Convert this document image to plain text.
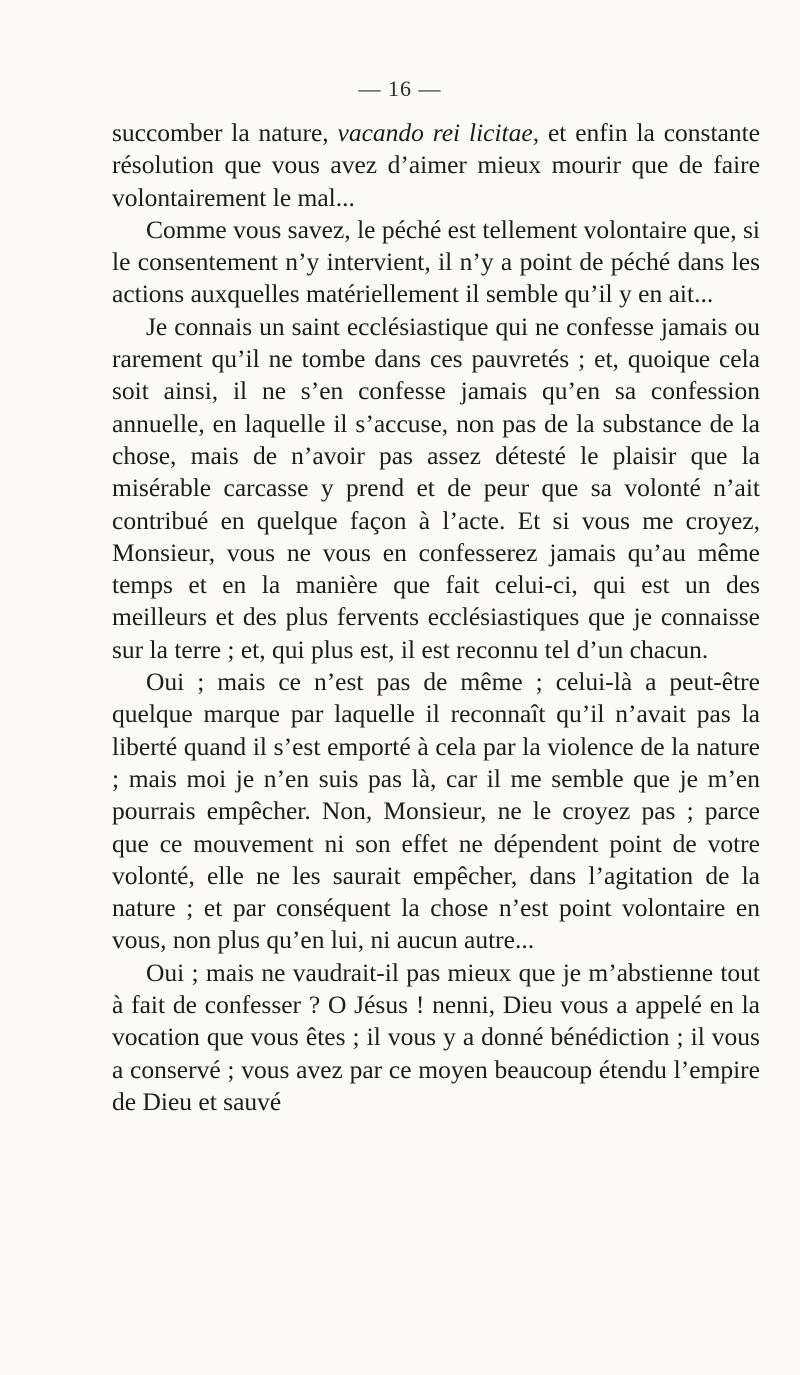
— 16 —

succomber la nature, vacando rei licitae, et enfin la constante résolution que vous avez d’aimer mieux mourir que de faire volontairement le mal...

Comme vous savez, le péché est tellement volontaire que, si le consentement n’y intervient, il n’y a point de péché dans les actions auxquelles matériellement il semble qu’il y en ait...

Je connais un saint ecclésiastique qui ne confesse jamais ou rarement qu’il ne tombe dans ces pauvretés ; et, quoique cela soit ainsi, il ne s’en confesse jamais qu’en sa confession annuelle, en laquelle il s’accuse, non pas de la substance de la chose, mais de n’avoir pas assez détesté le plaisir que la misérable carcasse y prend et de peur que sa volonté n’ait contribué en quelque façon à l’acte. Et si vous me croyez, Monsieur, vous ne vous en confesserez jamais qu’au même temps et en la manière que fait celui-ci, qui est un des meilleurs et des plus fervents ecclésiastiques que je connaisse sur la terre ; et, qui plus est, il est reconnu tel d’un chacun.

Oui ; mais ce n’est pas de même ; celui-là a peut-être quelque marque par laquelle il reconnaît qu’il n’avait pas la liberté quand il s’est emporté à cela par la violence de la nature ; mais moi je n’en suis pas là, car il me semble que je m’en pourrais empêcher. Non, Monsieur, ne le croyez pas ; parce que ce mouvement ni son effet ne dépendent point de votre volonté, elle ne les saurait empêcher, dans l’agitation de la nature ; et par conséquent la chose n’est point volontaire en vous, non plus qu’en lui, ni aucun autre...

Oui ; mais ne vaudrait-il pas mieux que je m’abstienne tout à fait de confesser ? O Jésus ! nenni, Dieu vous a appelé en la vocation que vous êtes ; il vous y a donné bénédiction ; il vous a conservé ; vous avez par ce moyen beaucoup étendu l’empire de Dieu et sauvé
